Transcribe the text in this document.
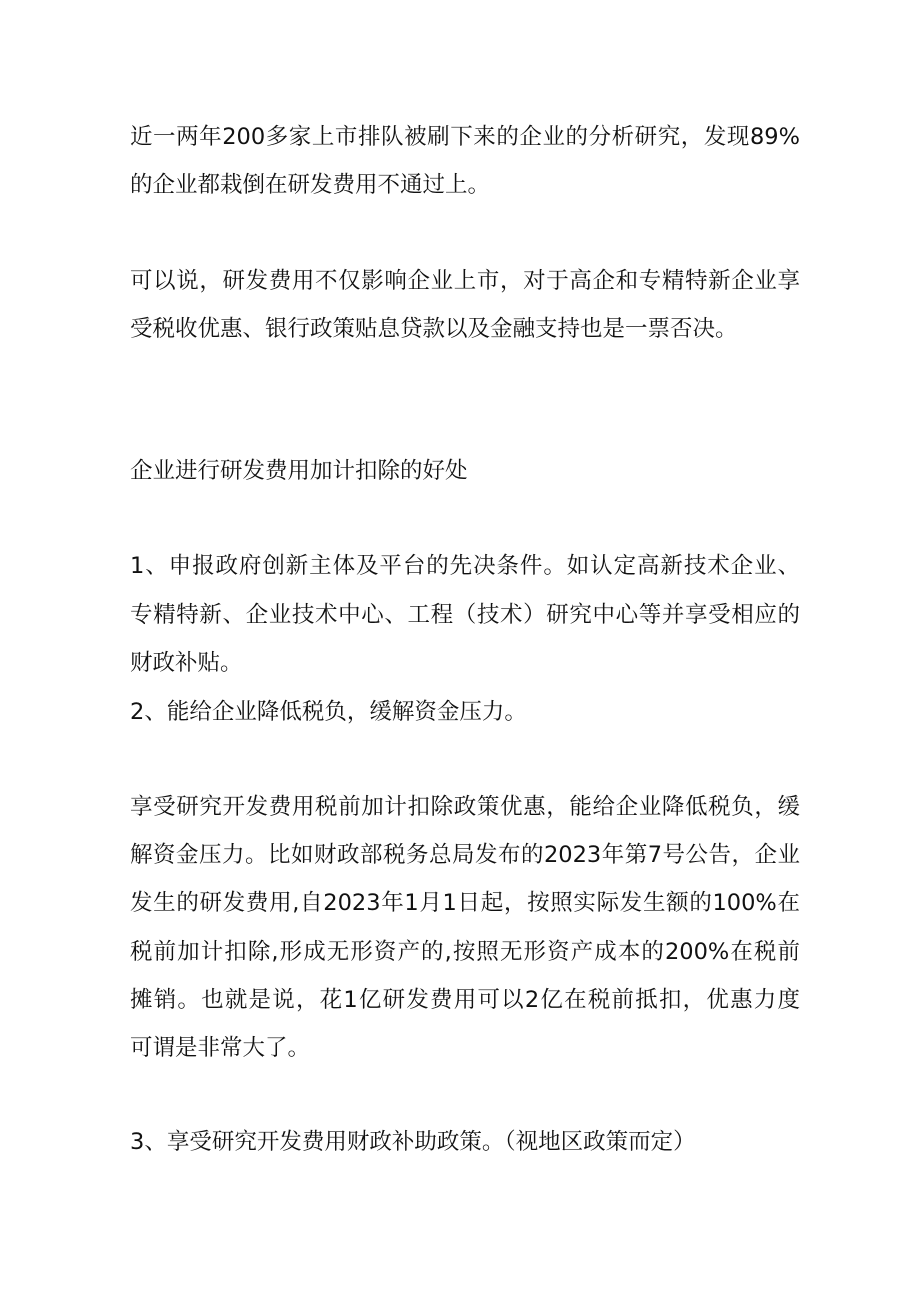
近一两年200多家上市排队被刷下来的企业的分析研究，发现89%
的企业都栽倒在研发费用不通过上。
可以说，研发费用不仅影响企业上市，对于高企和专精特新企业享
受税收优惠、银行政策贴息贷款以及金融支持也是一票否决。
企业进行研发费用加计扣除的好处
1、申报政府创新主体及平台的先决条件。如认定高新技术企业、
专精特新、企业技术中心、工程（技术）研究中心等并享受相应的
财政补贴。
2、能给企业降低税负，缓解资金压力。
享受研究开发费用税前加计扣除政策优惠，能给企业降低税负，缓
解资金压力。比如财政部税务总局发布的2023年第7号公告，企业
发生的研发费用,自2023年1月1日起，按照实际发生额的100%在
税前加计扣除,形成无形资产的,按照无形资产成本的200%在税前
摊销。也就是说，花1亿研发费用可以2亿在税前抵扣，优惠力度
可谓是非常大了。
3、享受研究开发费用财政补助政策。（视地区政策而定）
